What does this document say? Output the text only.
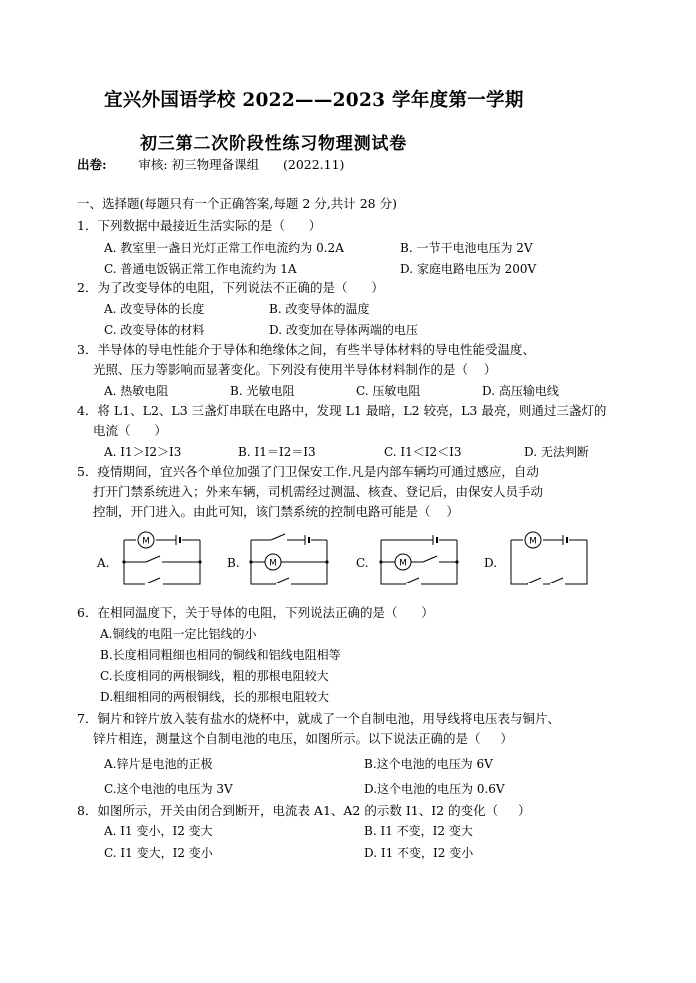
宜兴外国语学校 2022——2023 学年度第一学期
初三第二次阶段性练习物理测试卷
出卷:	审核: 初三物理备课组 (2022.11)
一、选择题(每题只有一个正确答案,每题 2 分,共计 28 分)
1．下列数据中最接近生活实际的是（      ）
A. 教室里一盏日光灯正常工作电流约为 0.2A	B. 一节干电池电压为 2V
C. 普通电饭锅正常工作电流约为 1A	D. 家庭电路电压为 200V
2．为了改变导体的电阻，下列说法不正确的是（      ）
A. 改变导体的长度	B. 改变导体的温度
C. 改变导体的材料	D. 改变加在导体两端的电压
3．半导体的导电性能介于导体和绝缘体之间，有些半导体材料的导电性能受温度、
光照、压力等影响而显著变化。下列没有使用半导体材料制作的是（    ）
A. 热敏电阻	B. 光敏电阻	C. 压敏电阻	D. 高压输电线
4．将 L1、L2、L3 三盏灯串联在电路中，发现 L1 最暗，L2 较亮，L3 最亮，则通过三盏灯的
电流（      ）
A. I1＞I2＞I3	B. I1＝I2＝I3	C. I1＜I2＜I3	D. 无法判断
5．疫情期间，宜兴各个单位加强了门卫保安工作.凡是内部车辆均可通过感应，自动
打开门禁系统进入；外来车辆，司机需经过测温、核查、登记后，由保安人员手动
控制，开门进入。由此可知，该门禁系统的控制电路可能是（    ）
A.
M
B.	M	C.	M	D.
M
6．在相同温度下，关于导体的电阻，下列说法正确的是（      ）
A.铜线的电阻一定比铝线的小
B.长度相同粗细也相同的铜线和铝线电阻相等
C.长度相同的两根铜线，粗的那根电阻较大
D.粗细相同的两根铜线，长的那根电阻较大
7．铜片和锌片放入装有盐水的烧杯中，就成了一个自制电池，用导线将电压表与铜片、
锌片相连，测量这个自制电池的电压，如图所示。以下说法正确的是（     ）
A.锌片是电池的正极	B.这个电池的电压为 6V
C.这个电池的电压为 3V	D.这个电池的电压为 0.6V
8．如图所示，开关由闭合到断开，电流表 A1、A2 的示数 I1、I2 的变化（     ）
A. I1 变小，I2 变大	B. I1 不变，I2 变大
C. I1 变大，I2 变小	D. I1 不变，I2 变小
